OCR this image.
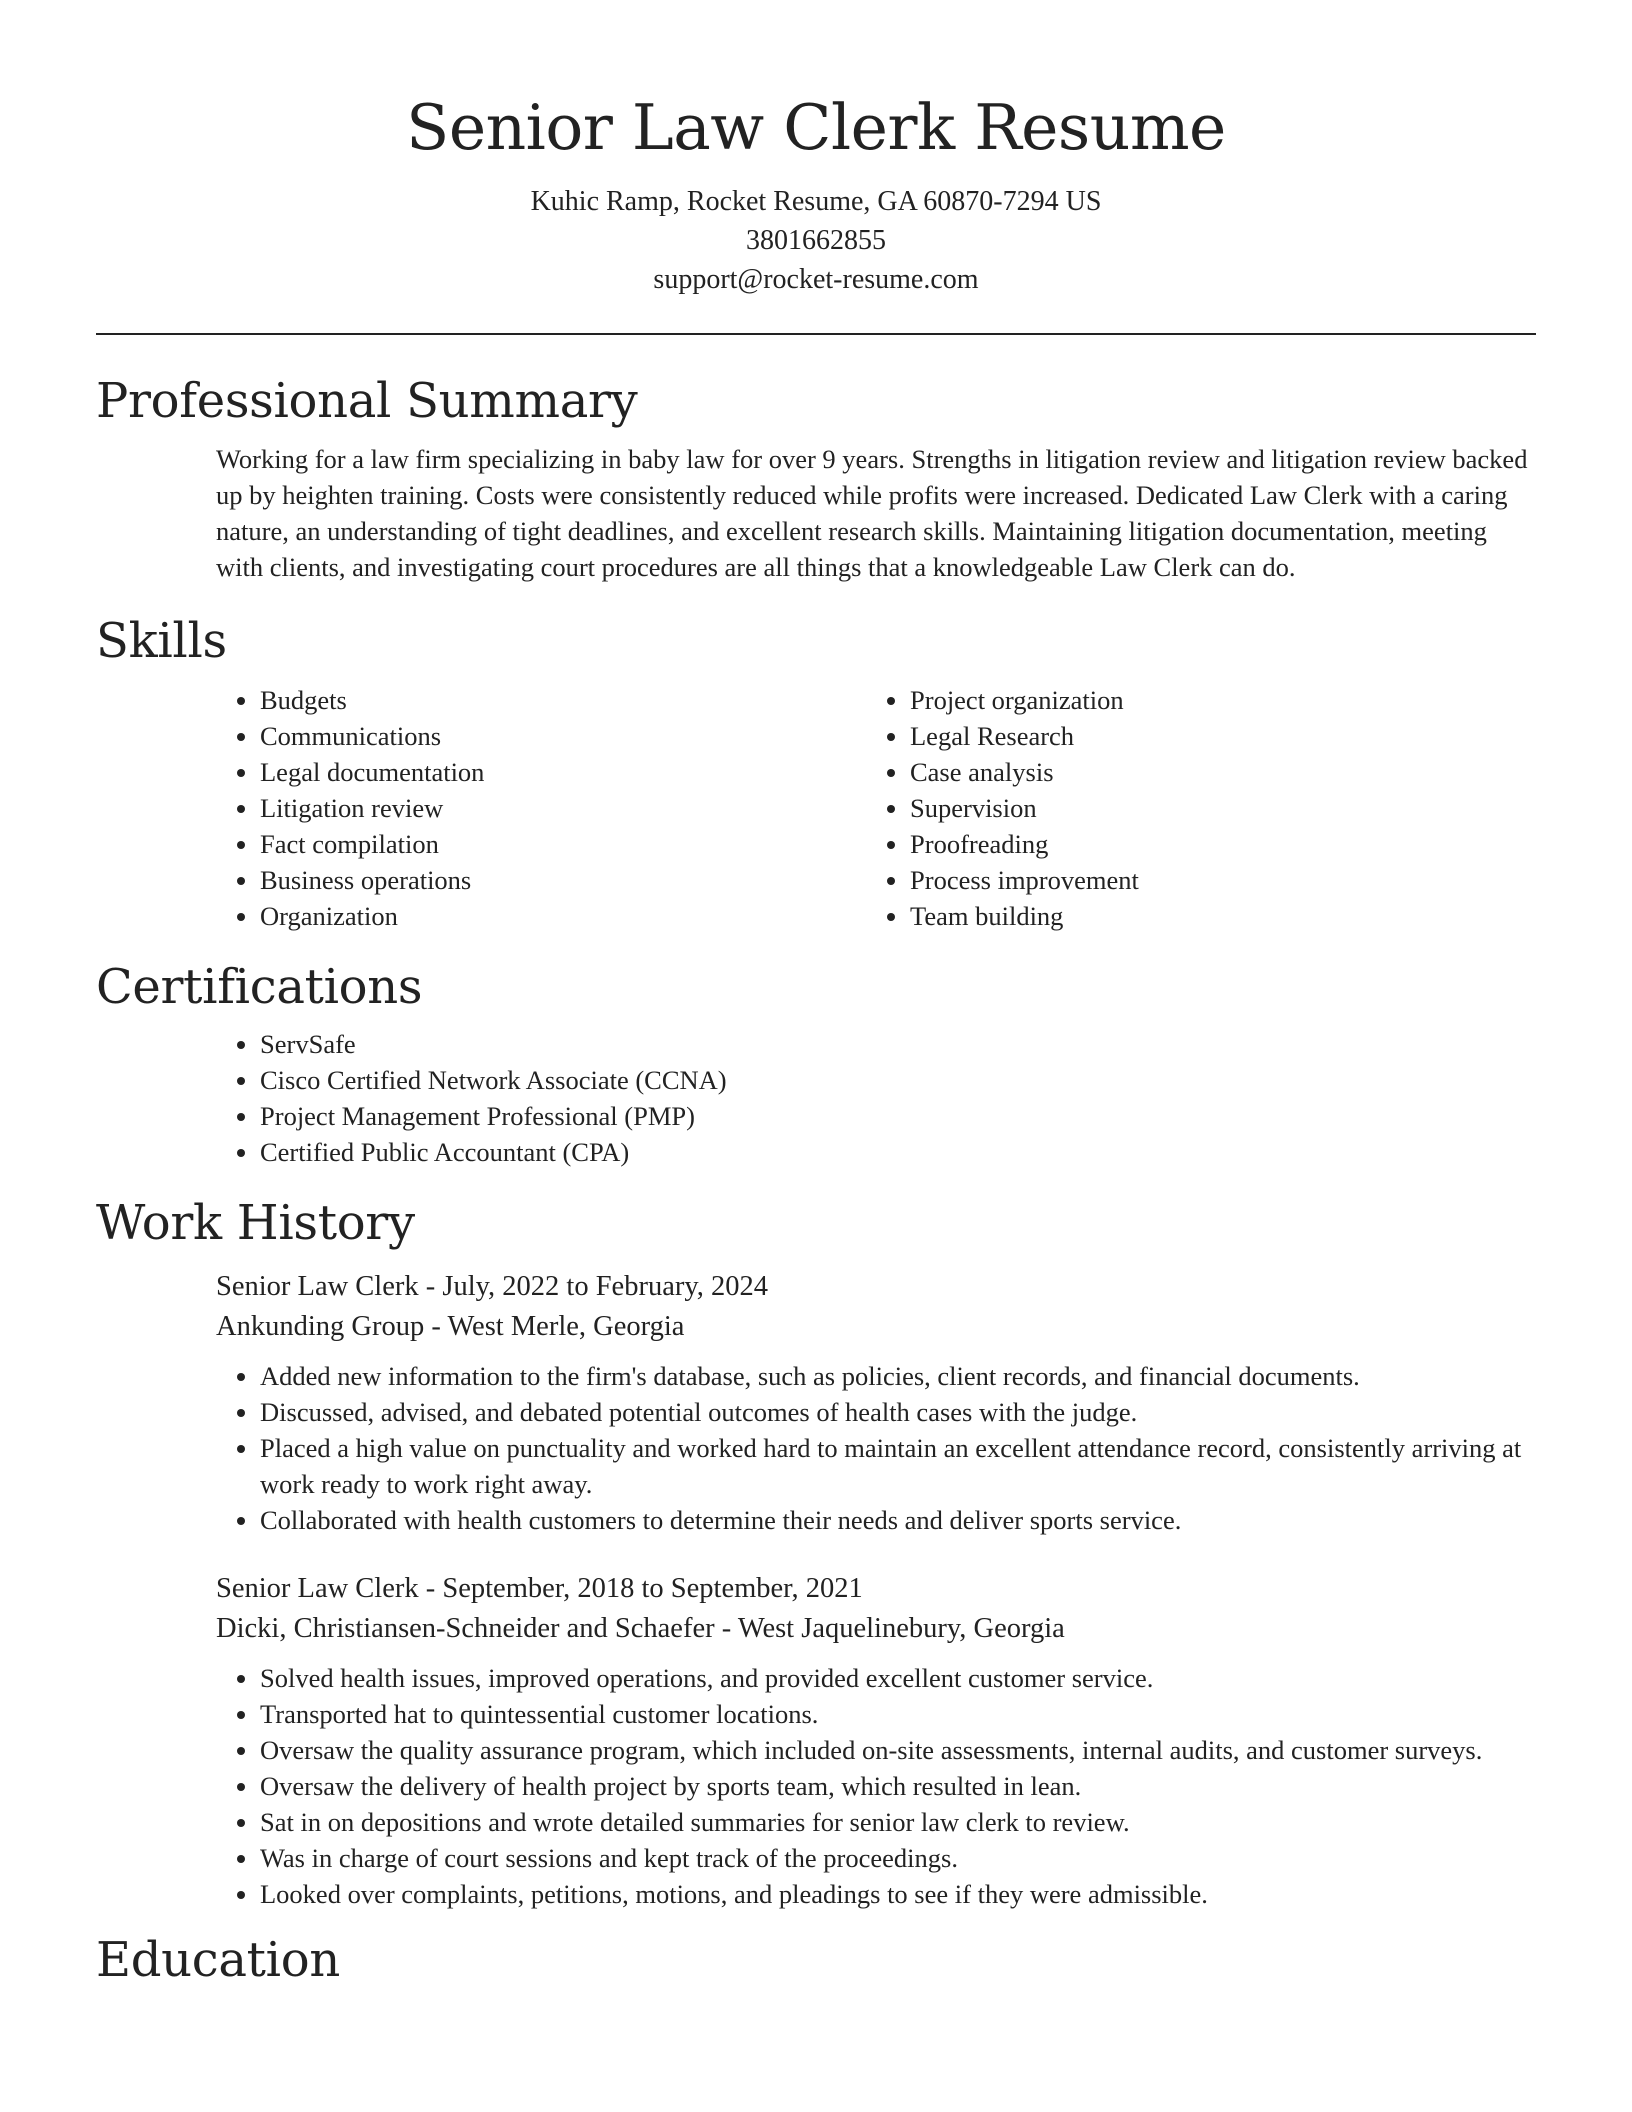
Senior Law Clerk Resume

Kuhic Ramp, Rocket Resume, GA 60870-7294 US

3801662855

support@rocket-resume.com

Professional Summary

Working for a law firm specializing in baby law for over 9 years. Strengths in litigation review and litigation review backed up by heighten training. Costs were consistently reduced while profits were increased. Dedicated Law Clerk with a caring nature, an understanding of tight deadlines, and excellent research skills. Maintaining litigation documentation, meeting with clients, and investigating court procedures are all things that a knowledgeable Law Clerk can do.

Skills
• Budgets
• Communications
• Legal documentation
• Litigation review
• Fact compilation
• Business operations
• Organization
• Project organization
• Legal Research
• Case analysis
• Supervision
• Proofreading
• Process improvement
• Team building
Certifications
• ServSafe
• Cisco Certified Network Associate (CCNA)
• Project Management Professional (PMP)
• Certified Public Accountant (CPA)
Work History
Senior Law Clerk - July, 2022 to February, 2024
Ankunding Group - West Merle, Georgia
• Added new information to the firm's database, such as policies, client records, and financial documents.
• Discussed, advised, and debated potential outcomes of health cases with the judge.
• Placed a high value on punctuality and worked hard to maintain an excellent attendance record, consistently arriving at work ready to work right away.
• Collaborated with health customers to determine their needs and deliver sports service.
Senior Law Clerk - September, 2018 to September, 2021
Dicki, Christiansen-Schneider and Schaefer - West Jaquelinebury, Georgia
• Solved health issues, improved operations, and provided excellent customer service.
• Transported hat to quintessential customer locations.
• Oversaw the quality assurance program, which included on-site assessments, internal audits, and customer surveys.
• Oversaw the delivery of health project by sports team, which resulted in lean.
• Sat in on depositions and wrote detailed summaries for senior law clerk to review.
• Was in charge of court sessions and kept track of the proceedings.
• Looked over complaints, petitions, motions, and pleadings to see if they were admissible.
Education
